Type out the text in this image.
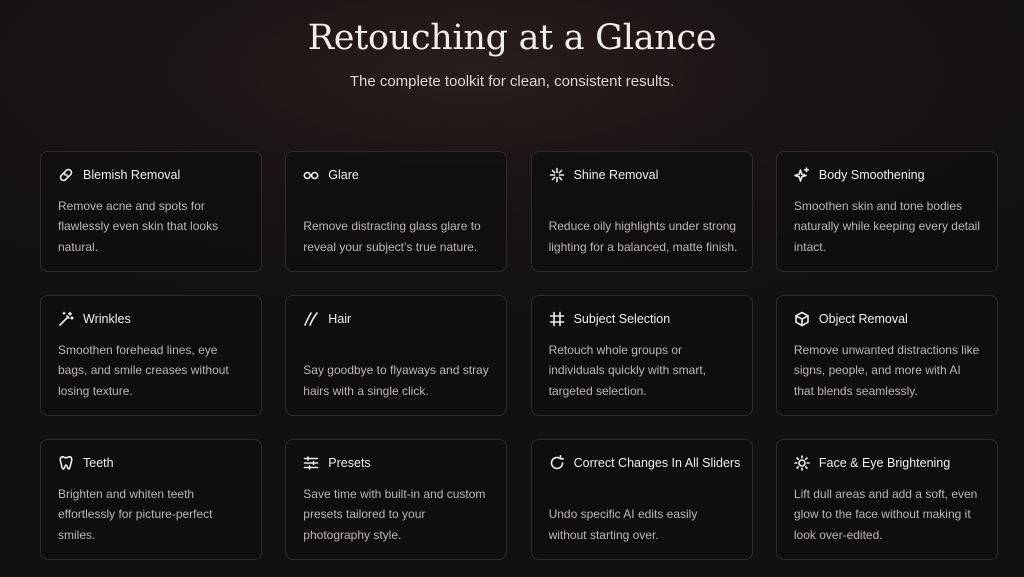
Retouching at a Glance

The complete toolkit for clean, consistent results.

Blemish Removal
Remove acne and spots for flawlessly even skin that looks natural.
Glare
Remove distracting glass glare to reveal your subject’s true nature.
Shine Removal
Reduce oily highlights under strong lighting for a balanced, matte finish.
Body Smoothening
Smoothen skin and tone bodies naturally while keeping every detail intact.
Wrinkles
Smoothen forehead lines, eye bags, and smile creases without losing texture.
Hair
Say goodbye to flyaways and stray hairs with a single click.
Subject Selection
Retouch whole groups or individuals quickly with smart, targeted selection.
Object Removal
Remove unwanted distractions like signs, people, and more with AI that blends seamlessly.
Teeth
Brighten and whiten teeth effortlessly for picture-perfect smiles.
Presets
Save time with built-in and custom presets tailored to your photography style.
Correct Changes In All Sliders
Undo specific AI edits easily without starting over.
Face & Eye Brightening
Lift dull areas and add a soft, even glow to the face without making it look over-edited.
